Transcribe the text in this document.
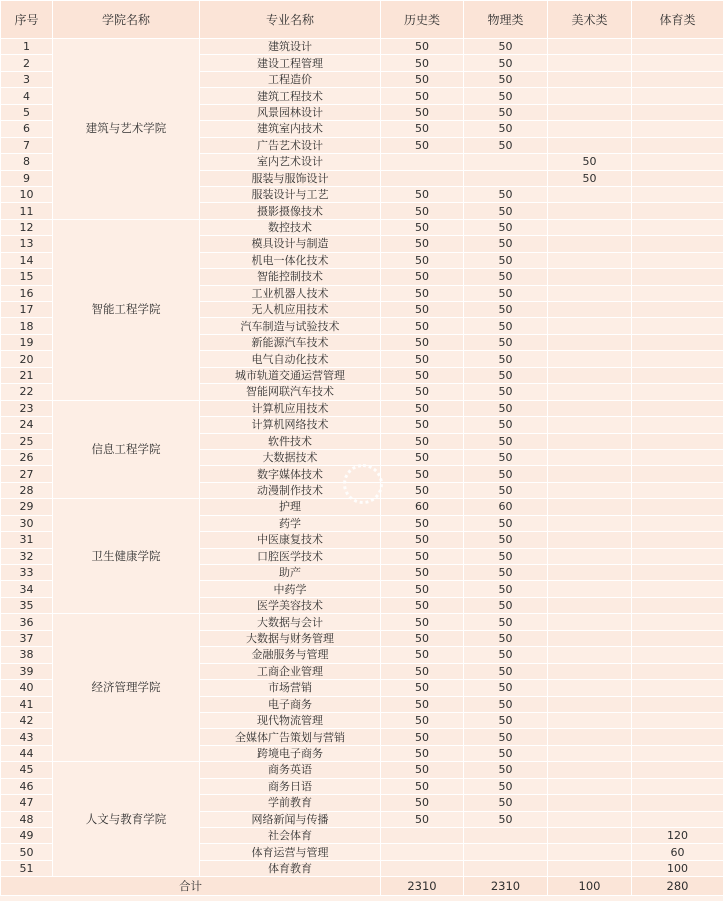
序号	学院名称	专业名称	历史类	物理类	美术类	体育类
1	建筑与艺术学院	建筑设计	50	50		
2		建设工程管理	50	50		
3		工程造价	50	50		
4		建筑工程技术	50	50		
5		风景园林设计	50	50		
6		建筑室内技术	50	50		
7		广告艺术设计	50	50		
8		室内艺术设计			50	
9		服装与服饰设计			50	
10		服装设计与工艺	50	50		
11		摄影摄像技术	50	50		
12	智能工程学院	数控技术	50	50		
13		模具设计与制造	50	50		
14		机电一体化技术	50	50		
15		智能控制技术	50	50		
16		工业机器人技术	50	50		
17		无人机应用技术	50	50		
18		汽车制造与试验技术	50	50		
19		新能源汽车技术	50	50		
20		电气自动化技术	50	50		
21		城市轨道交通运营管理	50	50		
22		智能网联汽车技术	50	50		
23	信息工程学院	计算机应用技术	50	50		
24		计算机网络技术	50	50		
25		软件技术	50	50		
26		大数据技术	50	50		
27		数字媒体技术	50	50		
28		动漫制作技术	50	50		
29	卫生健康学院	护理	60	60		
30		药学	50	50		
31		中医康复技术	50	50		
32		口腔医学技术	50	50		
33		助产	50	50		
34		中药学	50	50		
35		医学美容技术	50	50		
36	经济管理学院	大数据与会计	50	50		
37		大数据与财务管理	50	50		
38		金融服务与管理	50	50		
39		工商企业管理	50	50		
40		市场营销	50	50		
41		电子商务	50	50		
42		现代物流管理	50	50		
43		全媒体广告策划与营销	50	50		
44		跨境电子商务	50	50		
45	人文与教育学院	商务英语	50	50		
46		商务日语	50	50		
47		学前教育	50	50		
48		网络新闻与传播	50	50		
49		社会体育				120
50		体育运营与管理				60
51		体育教育				100
合计			2310	2310	100	280
